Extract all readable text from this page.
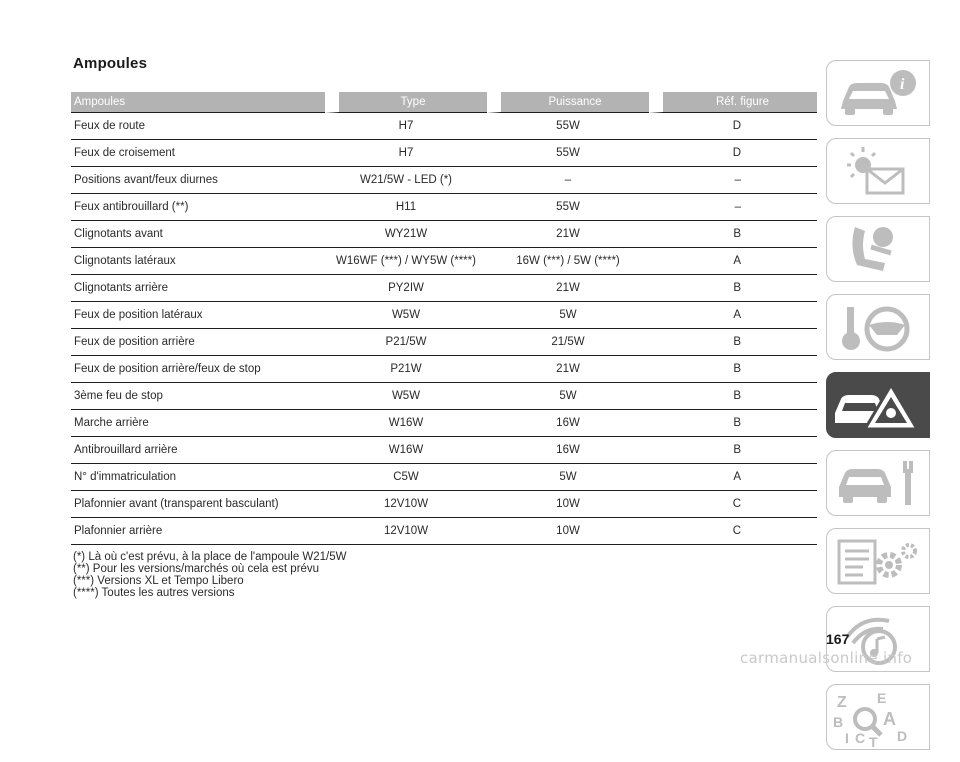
Ampoules
Ampoules	Type	Puissance	Réf. figure
Feux de route	H7	55W	D
Feux de croisement	H7	55W	D
Positions avant/feux diurnes	W21/5W - LED (*)	–	–
Feux antibrouillard (**)	H11	55W	–
Clignotants avant	WY21W	21W	B
Clignotants latéraux	W16WF (***) / WY5W (****)	16W (***) / 5W (****)	A
Clignotants arrière	PY2IW	21W	B
Feux de position latéraux	W5W	5W	A
Feux de position arrière	P21/5W	21/5W	B
Feux de position arrière/feux de stop	P21W	21W	B
3ème feu de stop	W5W	5W	B
Marche arrière	W16W	16W	B
Antibrouillard arrière	W16W	16W	B
N° d'immatriculation	C5W	5W	A
Plafonnier avant (transparent basculant)	12V10W	10W	C
Plafonnier arrière	12V10W	10W	C
(*) Là où c'est prévu, à la place de l'ampoule W21/5W
(**) Pour les versions/marchés où cela est prévu
(***) Versions XL et Tempo Libero
(****) Toutes les autres versions
i
Z E
B A
I C T D
167
carmanualsonline.info
